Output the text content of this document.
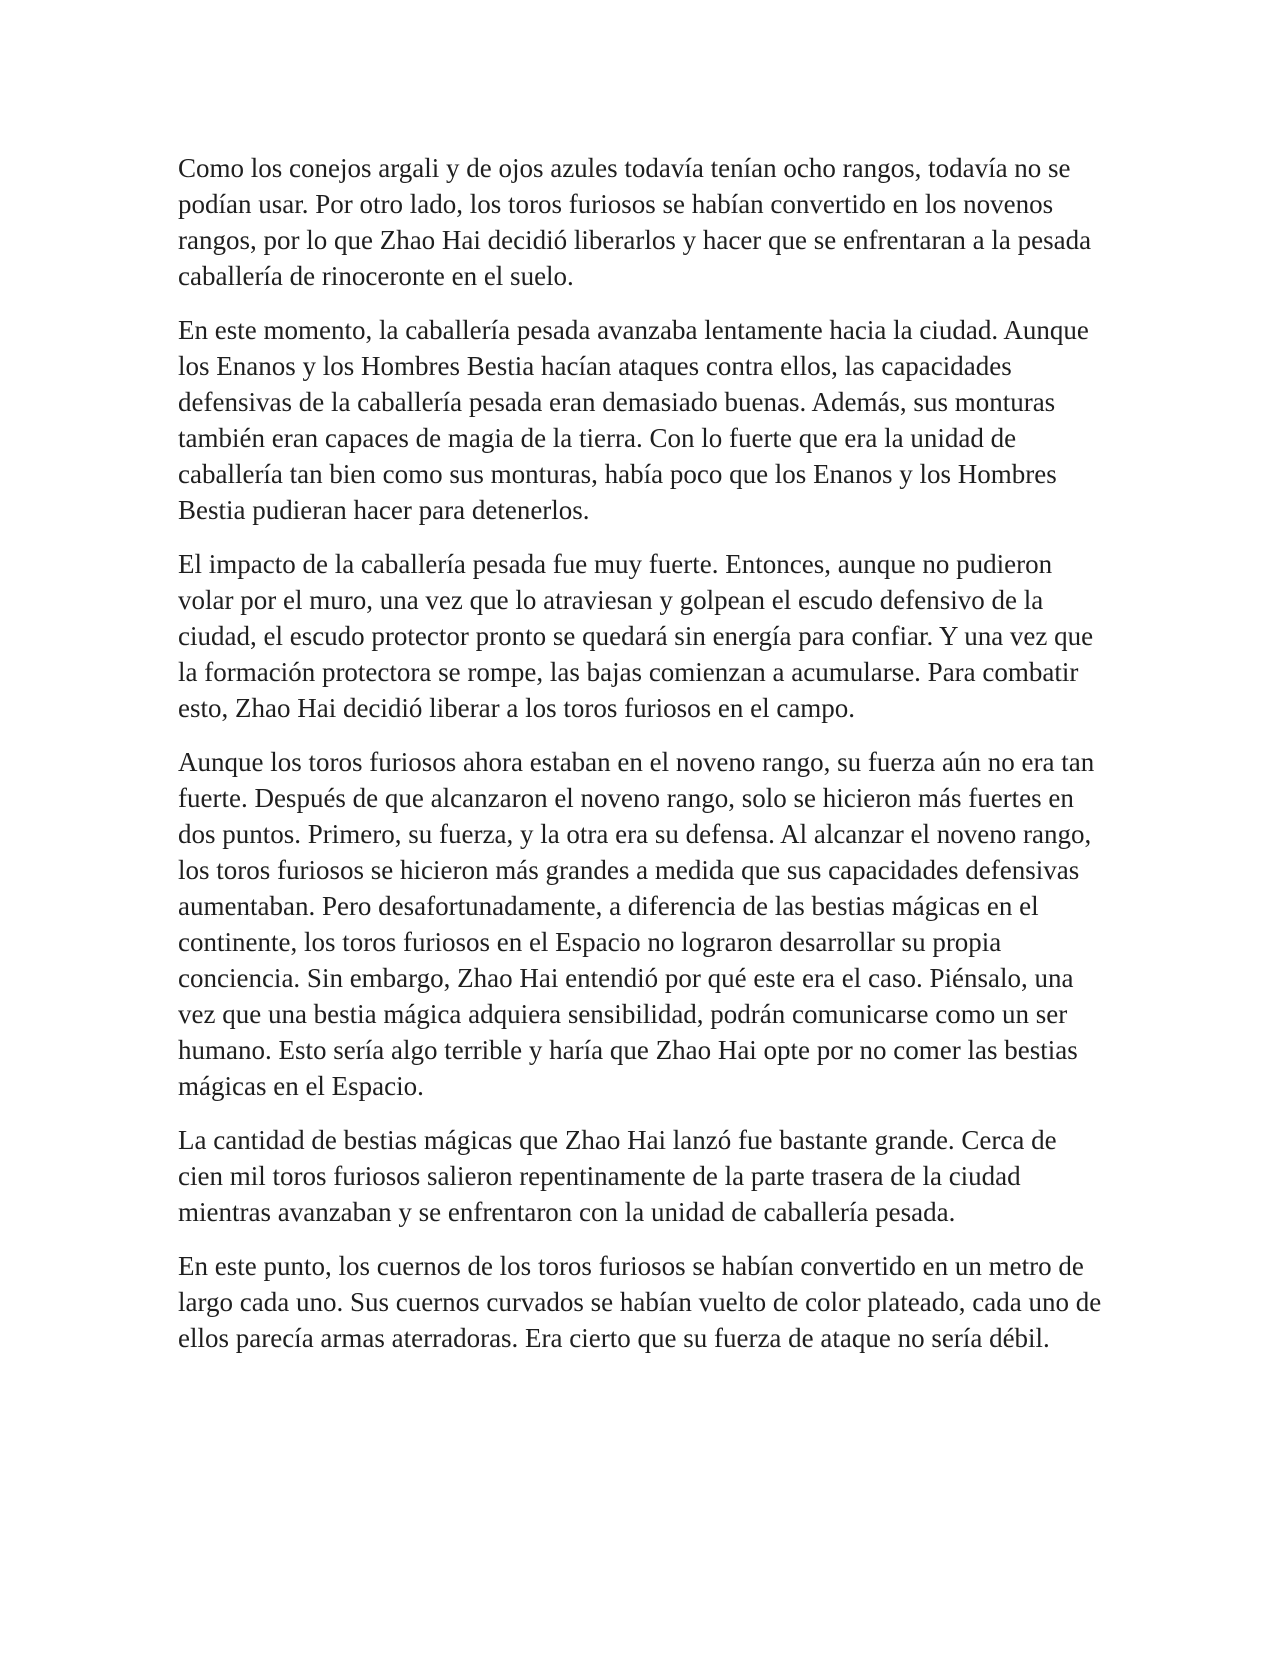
Como los conejos argali y de ojos azules todavía tenían ocho rangos, todavía no se podían usar. Por otro lado, los toros furiosos se habían convertido en los novenos rangos, por lo que Zhao Hai decidió liberarlos y hacer que se enfrentaran a la pesada caballería de rinoceronte en el suelo.

En este momento, la caballería pesada avanzaba lentamente hacia la ciudad. Aunque los Enanos y los Hombres Bestia hacían ataques contra ellos, las capacidades defensivas de la caballería pesada eran demasiado buenas. Además, sus monturas también eran capaces de magia de la tierra. Con lo fuerte que era la unidad de caballería tan bien como sus monturas, había poco que los Enanos y los Hombres Bestia pudieran hacer para detenerlos.

El impacto de la caballería pesada fue muy fuerte. Entonces, aunque no pudieron volar por el muro, una vez que lo atraviesan y golpean el escudo defensivo de la ciudad, el escudo protector pronto se quedará sin energía para confiar. Y una vez que la formación protectora se rompe, las bajas comienzan a acumularse. Para combatir esto, Zhao Hai decidió liberar a los toros furiosos en el campo.

Aunque los toros furiosos ahora estaban en el noveno rango, su fuerza aún no era tan fuerte. Después de que alcanzaron el noveno rango, solo se hicieron más fuertes en dos puntos. Primero, su fuerza, y la otra era su defensa. Al alcanzar el noveno rango, los toros furiosos se hicieron más grandes a medida que sus capacidades defensivas aumentaban. Pero desafortunadamente, a diferencia de las bestias mágicas en el continente, los toros furiosos en el Espacio no lograron desarrollar su propia conciencia. Sin embargo, Zhao Hai entendió por qué este era el caso. Piénsalo, una vez que una bestia mágica adquiera sensibilidad, podrán comunicarse como un ser humano. Esto sería algo terrible y haría que Zhao Hai opte por no comer las bestias mágicas en el Espacio.

La cantidad de bestias mágicas que Zhao Hai lanzó fue bastante grande. Cerca de cien mil toros furiosos salieron repentinamente de la parte trasera de la ciudad mientras avanzaban y se enfrentaron con la unidad de caballería pesada.

En este punto, los cuernos de los toros furiosos se habían convertido en un metro de largo cada uno. Sus cuernos curvados se habían vuelto de color plateado, cada uno de ellos parecía armas aterradoras. Era cierto que su fuerza de ataque no sería débil.
